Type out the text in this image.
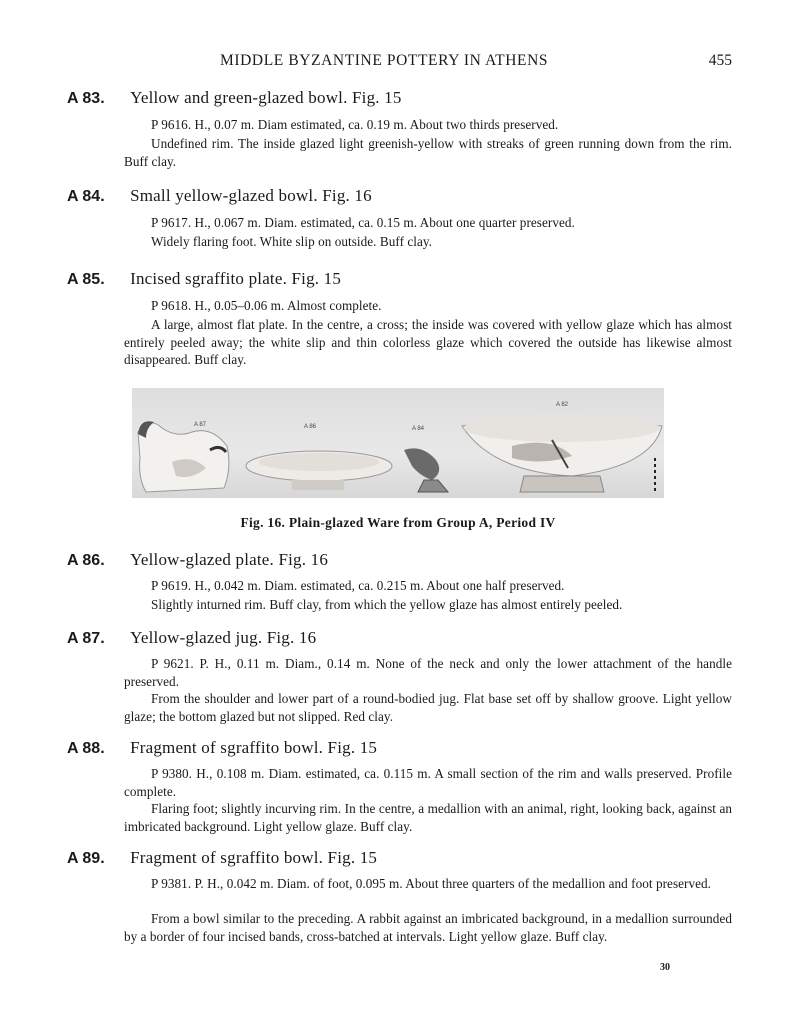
MIDDLE BYZANTINE POTTERY IN ATHENS	455
A 83. Yellow and green-glazed bowl. Fig. 15
P 9616. H., 0.07 m. Diam estimated, ca. 0.19 m. About two thirds preserved.
Undefined rim. The inside glazed light greenish-yellow with streaks of green running down from the rim. Buff clay.
A 84. Small yellow-glazed bowl. Fig. 16
P 9617. H., 0.067 m. Diam. estimated, ca. 0.15 m. About one quarter preserved.
Widely flaring foot. White slip on outside. Buff clay.
A 85. Incised sgraffito plate. Fig. 15
P 9618. H., 0.05–0.06 m. Almost complete.
A large, almost flat plate. In the centre, a cross; the inside was covered with yellow glaze which has almost entirely peeled away; the white slip and thin colorless glaze which covered the outside has likewise almost disappeared. Buff clay.
A 87	A 86	A 84
A 82
Fig. 16. Plain-glazed Ware from Group A, Period IV
A 86. Yellow-glazed plate. Fig. 16
P 9619. H., 0.042 m. Diam. estimated, ca. 0.215 m. About one half preserved.
Slightly inturned rim. Buff clay, from which the yellow glaze has almost entirely peeled.
A 87. Yellow-glazed jug. Fig. 16
P 9621. P. H., 0.11 m. Diam., 0.14 m. None of the neck and only the lower attachment of the handle preserved.
From the shoulder and lower part of a round-bodied jug. Flat base set off by shallow groove. Light yellow glaze; the bottom glazed but not slipped. Red clay.
A 88. Fragment of sgraffito bowl. Fig. 15
P 9380. H., 0.108 m. Diam. estimated, ca. 0.115 m. A small section of the rim and walls preserved. Profile complete.
Flaring foot; slightly incurving rim. In the centre, a medallion with an animal, right, looking back, against an imbricated background. Light yellow glaze. Buff clay.
A 89. Fragment of sgraffito bowl. Fig. 15
P 9381. P. H., 0.042 m. Diam. of foot, 0.095 m. About three quarters of the medallion and foot preserved.
From a bowl similar to the preceding. A rabbit against an imbricated background, in a medallion surrounded by a border of four incised bands, cross-batched at intervals. Light yellow glaze. Buff clay.
30
